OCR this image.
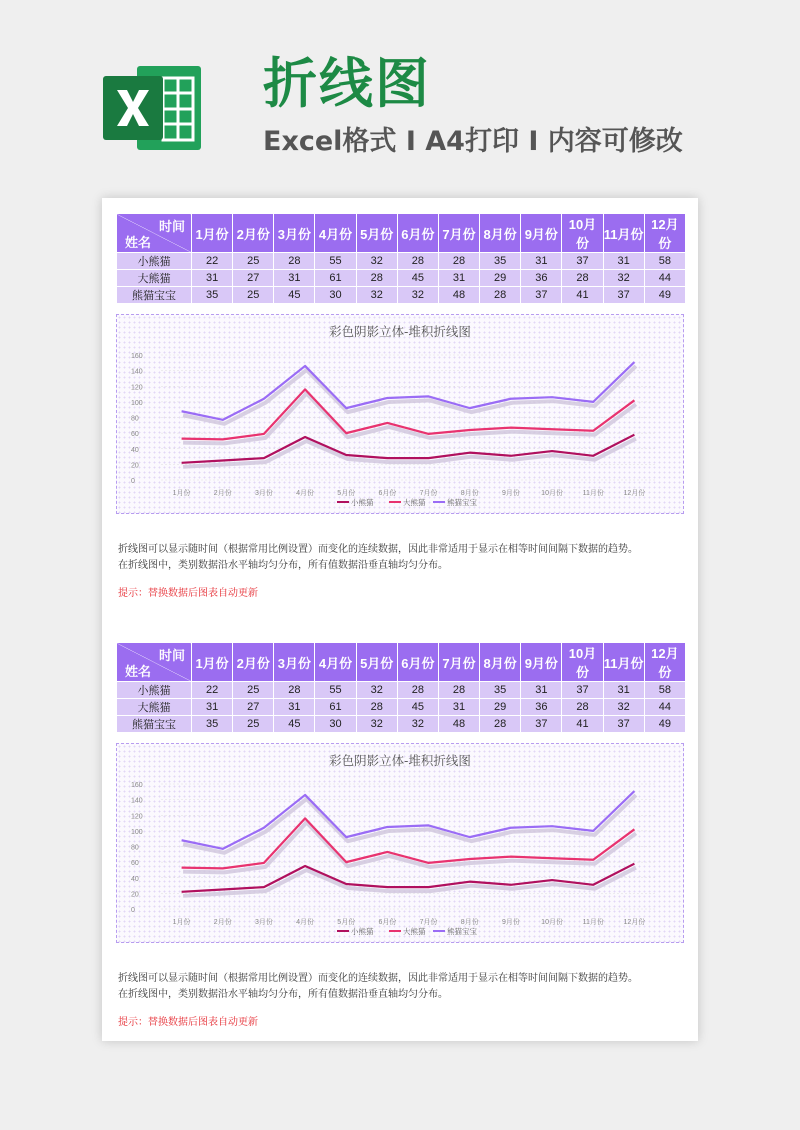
折线图

Excel格式 I A4打印 I 内容可修改

时间
姓名	1月份	2月份	3月份	4月份	5月份	6月份	7月份	8月份	9月份	10月份	11月份	12月份
小熊猫	22	25	28	55	32	28	28	35	31	37	31	58
大熊猫	31	27	31	61	28	45	31	29	36	28	32	44
熊猫宝宝	35	25	45	30	32	32	48	28	37	41	37	49
彩色阴影立体-堆积折线图
0
20
40
60
80
100
120
140
160
1月份	2月份	3月份	4月份	5月份	6月份	7月份	8月份	9月份	10月份	11月份	12月份
小熊猫	大熊猫	熊猫宝宝

折线图可以显示随时间（根据常用比例设置）而变化的连续数据，因此非常适用于显示在相等时间间隔下数据的趋势。

在折线图中，类别数据沿水平轴均匀分布，所有值数据沿垂直轴均匀分布。

提示：替换数据后图表自动更新
时间
姓名	1月份	2月份	3月份	4月份	5月份	6月份	7月份	8月份	9月份	10月份	11月份	12月份
小熊猫	22	25	28	55	32	28	28	35	31	37	31	58
大熊猫	31	27	31	61	28	45	31	29	36	28	32	44
熊猫宝宝	35	25	45	30	32	32	48	28	37	41	37	49
彩色阴影立体-堆积折线图
0
20
40
60
80
100
120
140
160
1月份	2月份	3月份	4月份	5月份	6月份	7月份	8月份	9月份	10月份	11月份	12月份
小熊猫	大熊猫	熊猫宝宝

折线图可以显示随时间（根据常用比例设置）而变化的连续数据，因此非常适用于显示在相等时间间隔下数据的趋势。

在折线图中，类别数据沿水平轴均匀分布，所有值数据沿垂直轴均匀分布。

提示：替换数据后图表自动更新
